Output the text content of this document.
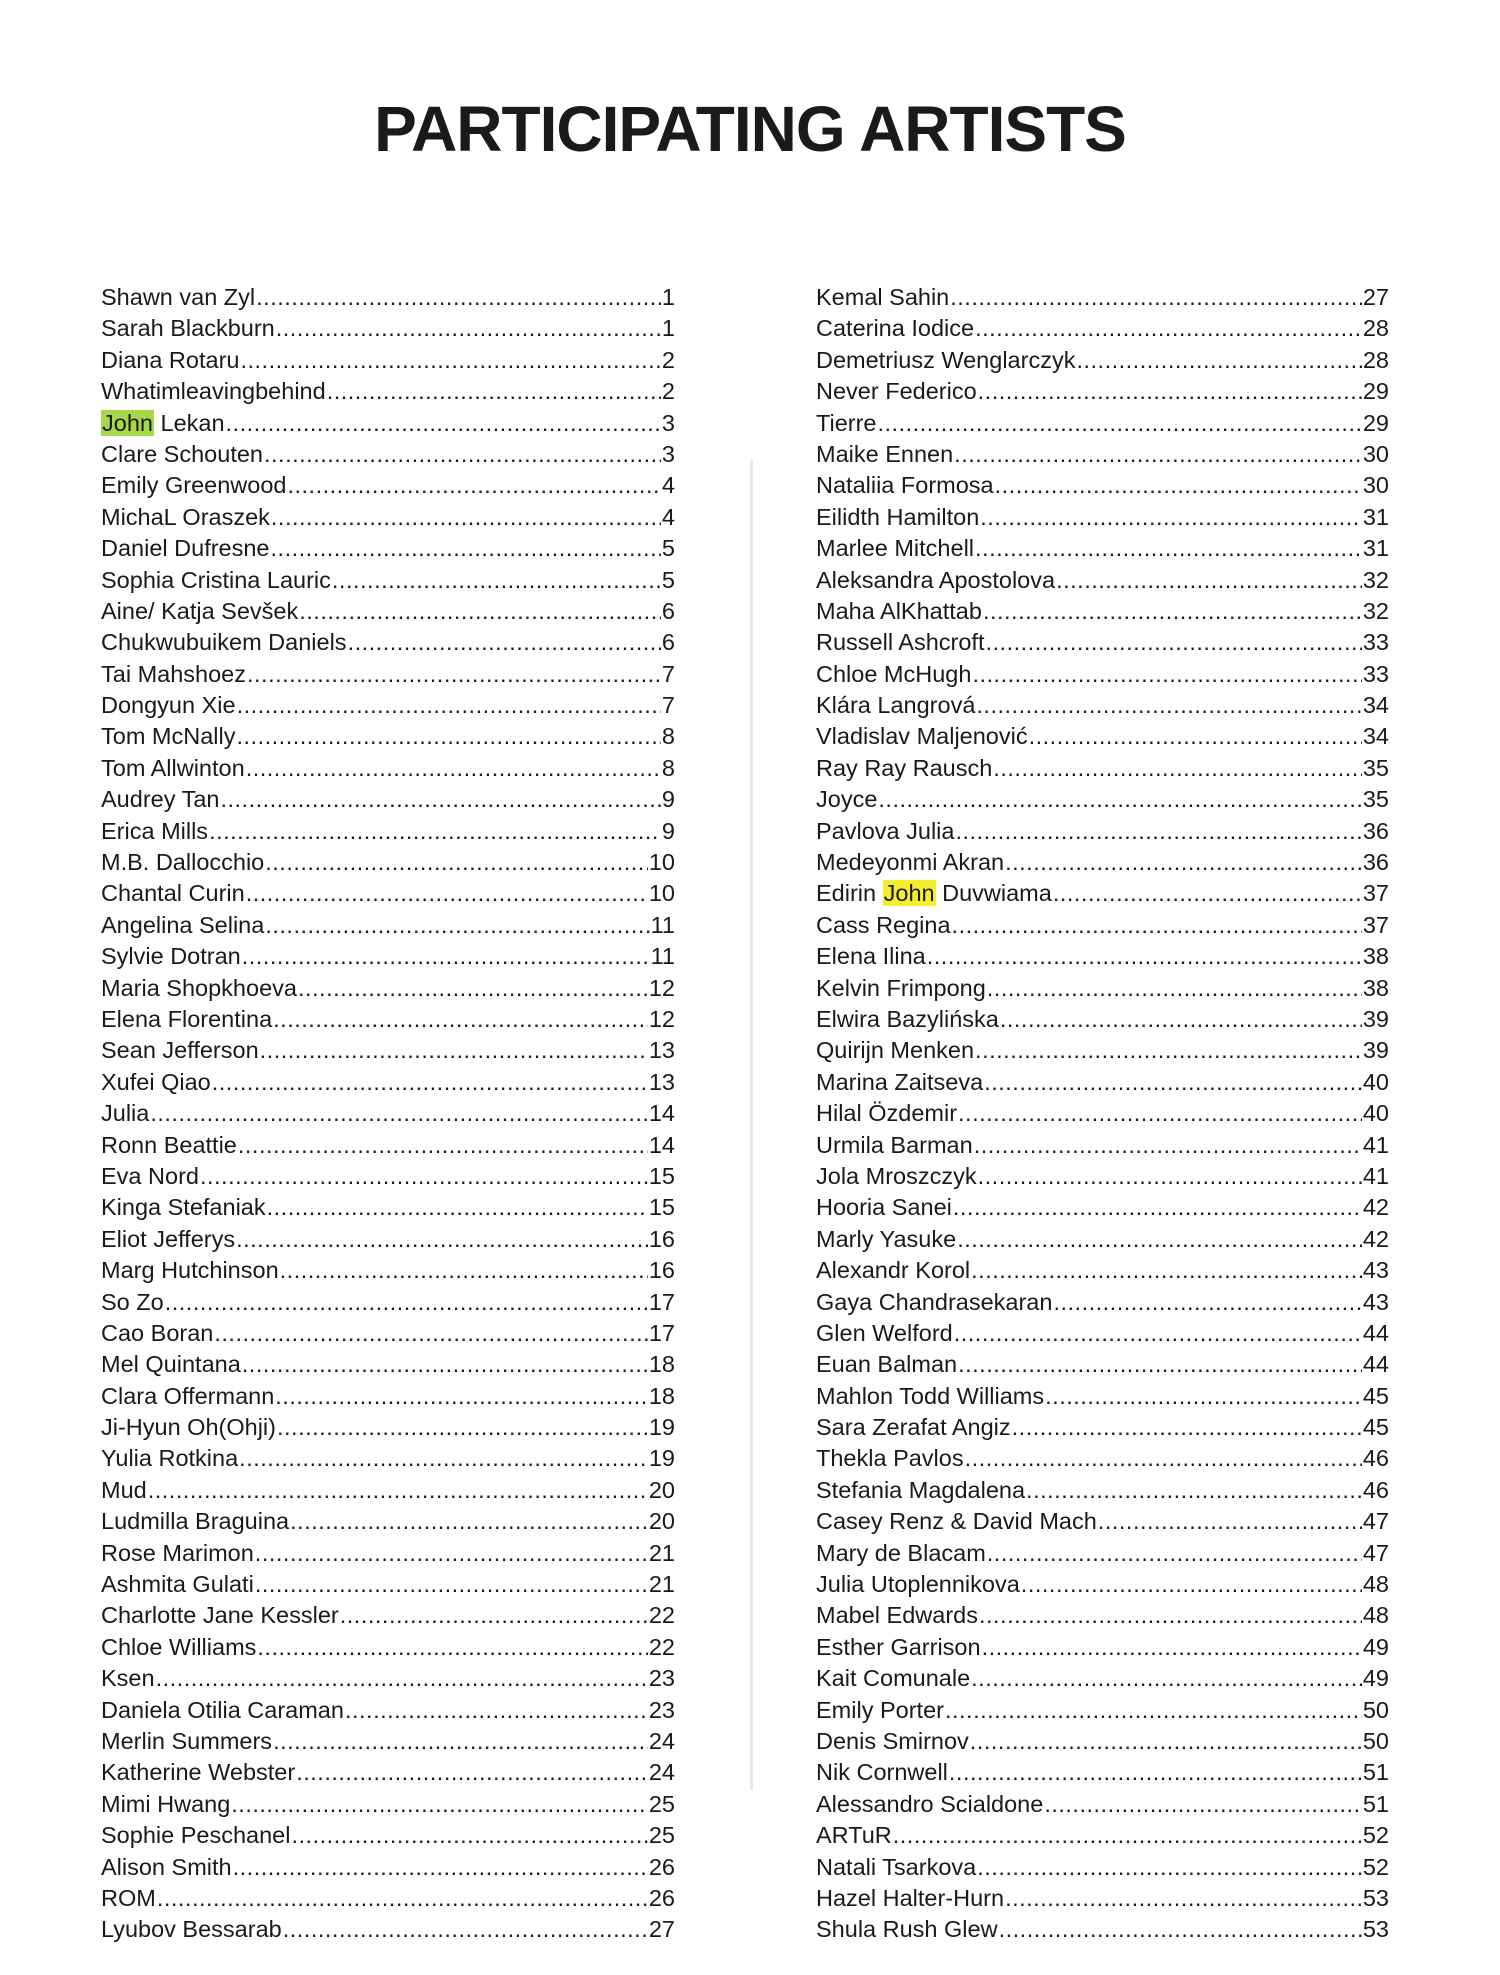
PARTICIPATING ARTISTS
Shawn van Zyl .....	1
Sarah Blackburn .....	1
Diana Rotaru .....	2
Whatimleavingbehind .....	2
John Lekan .....	3
Clare Schouten .....	3
Emily Greenwood .....	4
MichaL Oraszek .....	4
Daniel Dufresne .....	5
Sophia Cristina Lauric .....	5
Aine/ Katja Sevšek .....	6
Chukwubuikem Daniels .....	6
Tai Mahshoez .....	7
Dongyun Xie .....	7
Tom McNally .....	8
Tom Allwinton .....	8
Audrey Tan .....	9
Erica Mills .....	9
M.B. Dallocchio .....	10
Chantal Curin .....	10
Angelina Selina .....	11
Sylvie Dotran .....	11
Maria Shopkhoeva .....	12
Elena Florentina .....	12
Sean Jefferson .....	13
Xufei Qiao .....	13
Julia .....	14
Ronn Beattie .....	14
Eva Nord .....	15
Kinga Stefaniak .....	15
Eliot Jefferys .....	16
Marg Hutchinson .....	16
So Zo .....	17
Cao Boran .....	17
Mel Quintana .....	18
Clara Offermann .....	18
Ji-Hyun Oh(Ohji) .....	19
Yulia Rotkina .....	19
Mud .....	20
Ludmilla Braguina .....	20
Rose Marimon .....	21
Ashmita Gulati .....	21
Charlotte Jane Kessler .....	22
Chloe Williams .....	22
Ksen .....	23
Daniela Otilia Caraman .....	23
Merlin Summers .....	24
Katherine Webster .....	24
Mimi Hwang .....	25
Sophie Peschanel .....	25
Alison Smith .....	26
ROM .....	26
Lyubov Bessarab .....	27
Kemal Sahin .....	27
Caterina Iodice .....	28
Demetriusz Wenglarczyk .....	28
Never Federico .....	29
Tierre .....	29
Maike Ennen .....	30
Nataliia Formosa .....	30
Eilidth Hamilton .....	31
Marlee Mitchell .....	31
Aleksandra Apostolova .....	32
Maha AlKhattab .....	32
Russell Ashcroft .....	33
Chloe McHugh .....	33
Klára Langrová .....	34
Vladislav Maljenović .....	34
Ray Ray Rausch .....	35
Joyce .....	35
Pavlova Julia .....	36
Medeyonmi Akran .....	36
Edirin John Duvwiama .....	37
Cass Regina .....	37
Elena Ilina .....	38
Kelvin Frimpong .....	38
Elwira Bazylińska .....	39
Quirijn Menken .....	39
Marina Zaitseva .....	40
Hilal Özdemir .....	40
Urmila Barman .....	41
Jola Mroszczyk .....	41
Hooria Sanei .....	42
Marly Yasuke .....	42
Alexandr Korol .....	43
Gaya Chandrasekaran .....	43
Glen Welford .....	44
Euan Balman .....	44
Mahlon Todd Williams .....	45
Sara Zerafat Angiz .....	45
Thekla Pavlos .....	46
Stefania Magdalena .....	46
Casey Renz & David Mach .....	47
Mary de Blacam .....	47
Julia Utoplennikova .....	48
Mabel Edwards .....	48
Esther Garrison .....	49
Kait Comunale .....	49
Emily Porter .....	50
Denis Smirnov .....	50
Nik Cornwell .....	51
Alessandro Scialdone .....	51
ARTuR .....	52
Natali Tsarkova .....	52
Hazel Halter-Hurn .....	53
Shula Rush Glew .....	53
